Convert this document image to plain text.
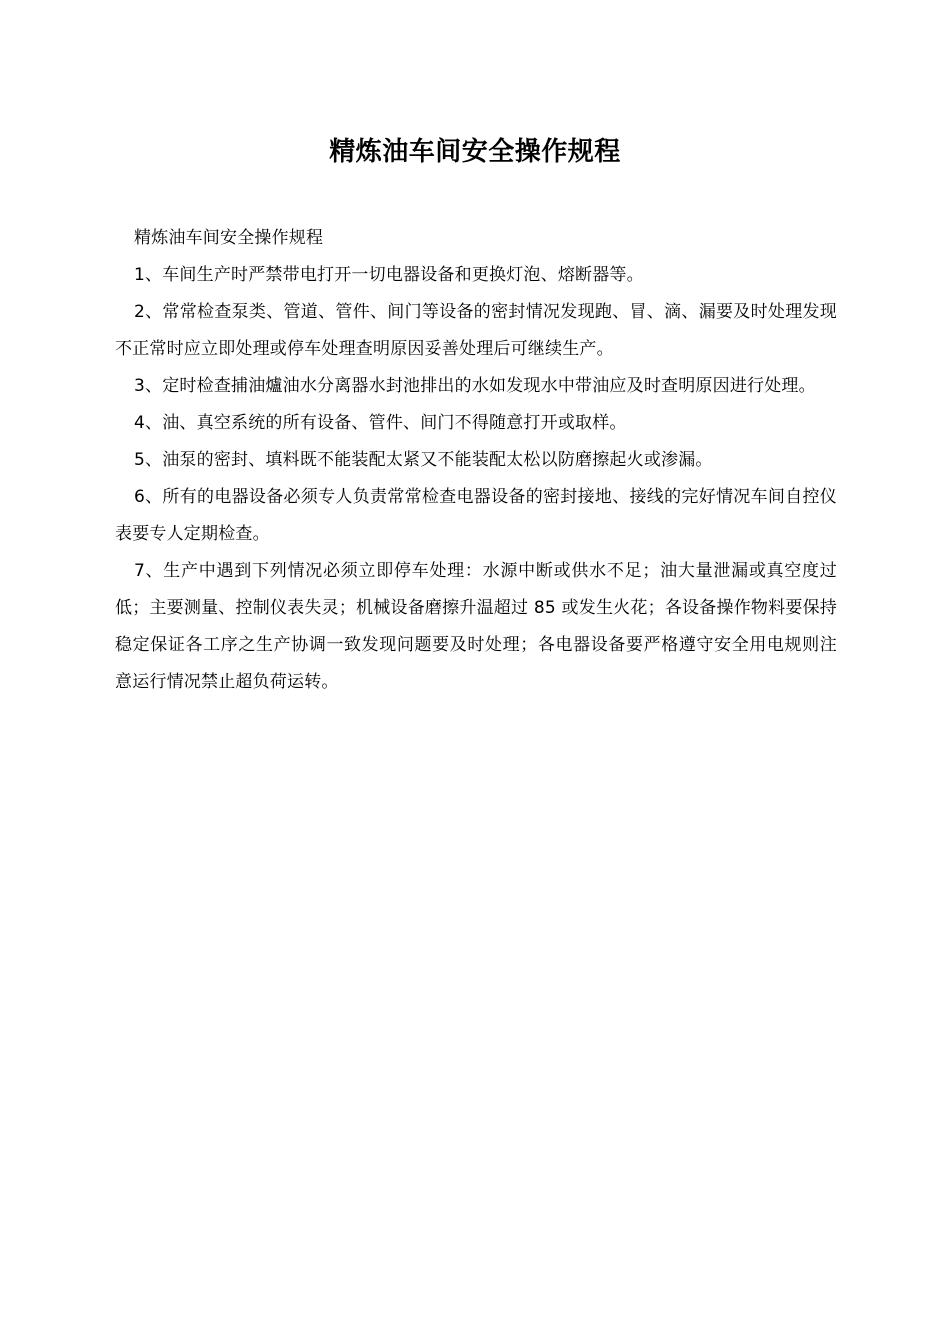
精炼油车间安全操作规程

精炼油车间安全操作规程

1、车间生产时严禁带电打开一切电器设备和更换灯泡、熔断器等。

2、常常检查泵类、管道、管件、间门等设备的密封情况发现跑、冒、滴、漏要及时处理发现不正常时应立即处理或停车处理查明原因妥善处理后可继续生产。

3、定时检查捕油爐油水分离器水封池排出的水如发现水中带油应及时查明原因进行处理。

4、油、真空系统的所有设备、管件、间门不得随意打开或取样。

5、油泵的密封、填料既不能装配太紧又不能装配太松以防磨擦起火或渗漏。

6、所有的电器设备必须专人负责常常检查电器设备的密封接地、接线的完好情况车间自控仪表要专人定期检查。

7、生产中遇到下列情况必须立即停车处理：水源中断或供水不足；油大量泄漏或真空度过低；主要测量、控制仪表失灵；机械设备磨擦升温超过 85 或发生火花；各设备操作物料要保持稳定保证各工序之生产协调一致发现问题要及时处理；各电器设备要严格遵守安全用电规则注意运行情况禁止超负荷运转。
